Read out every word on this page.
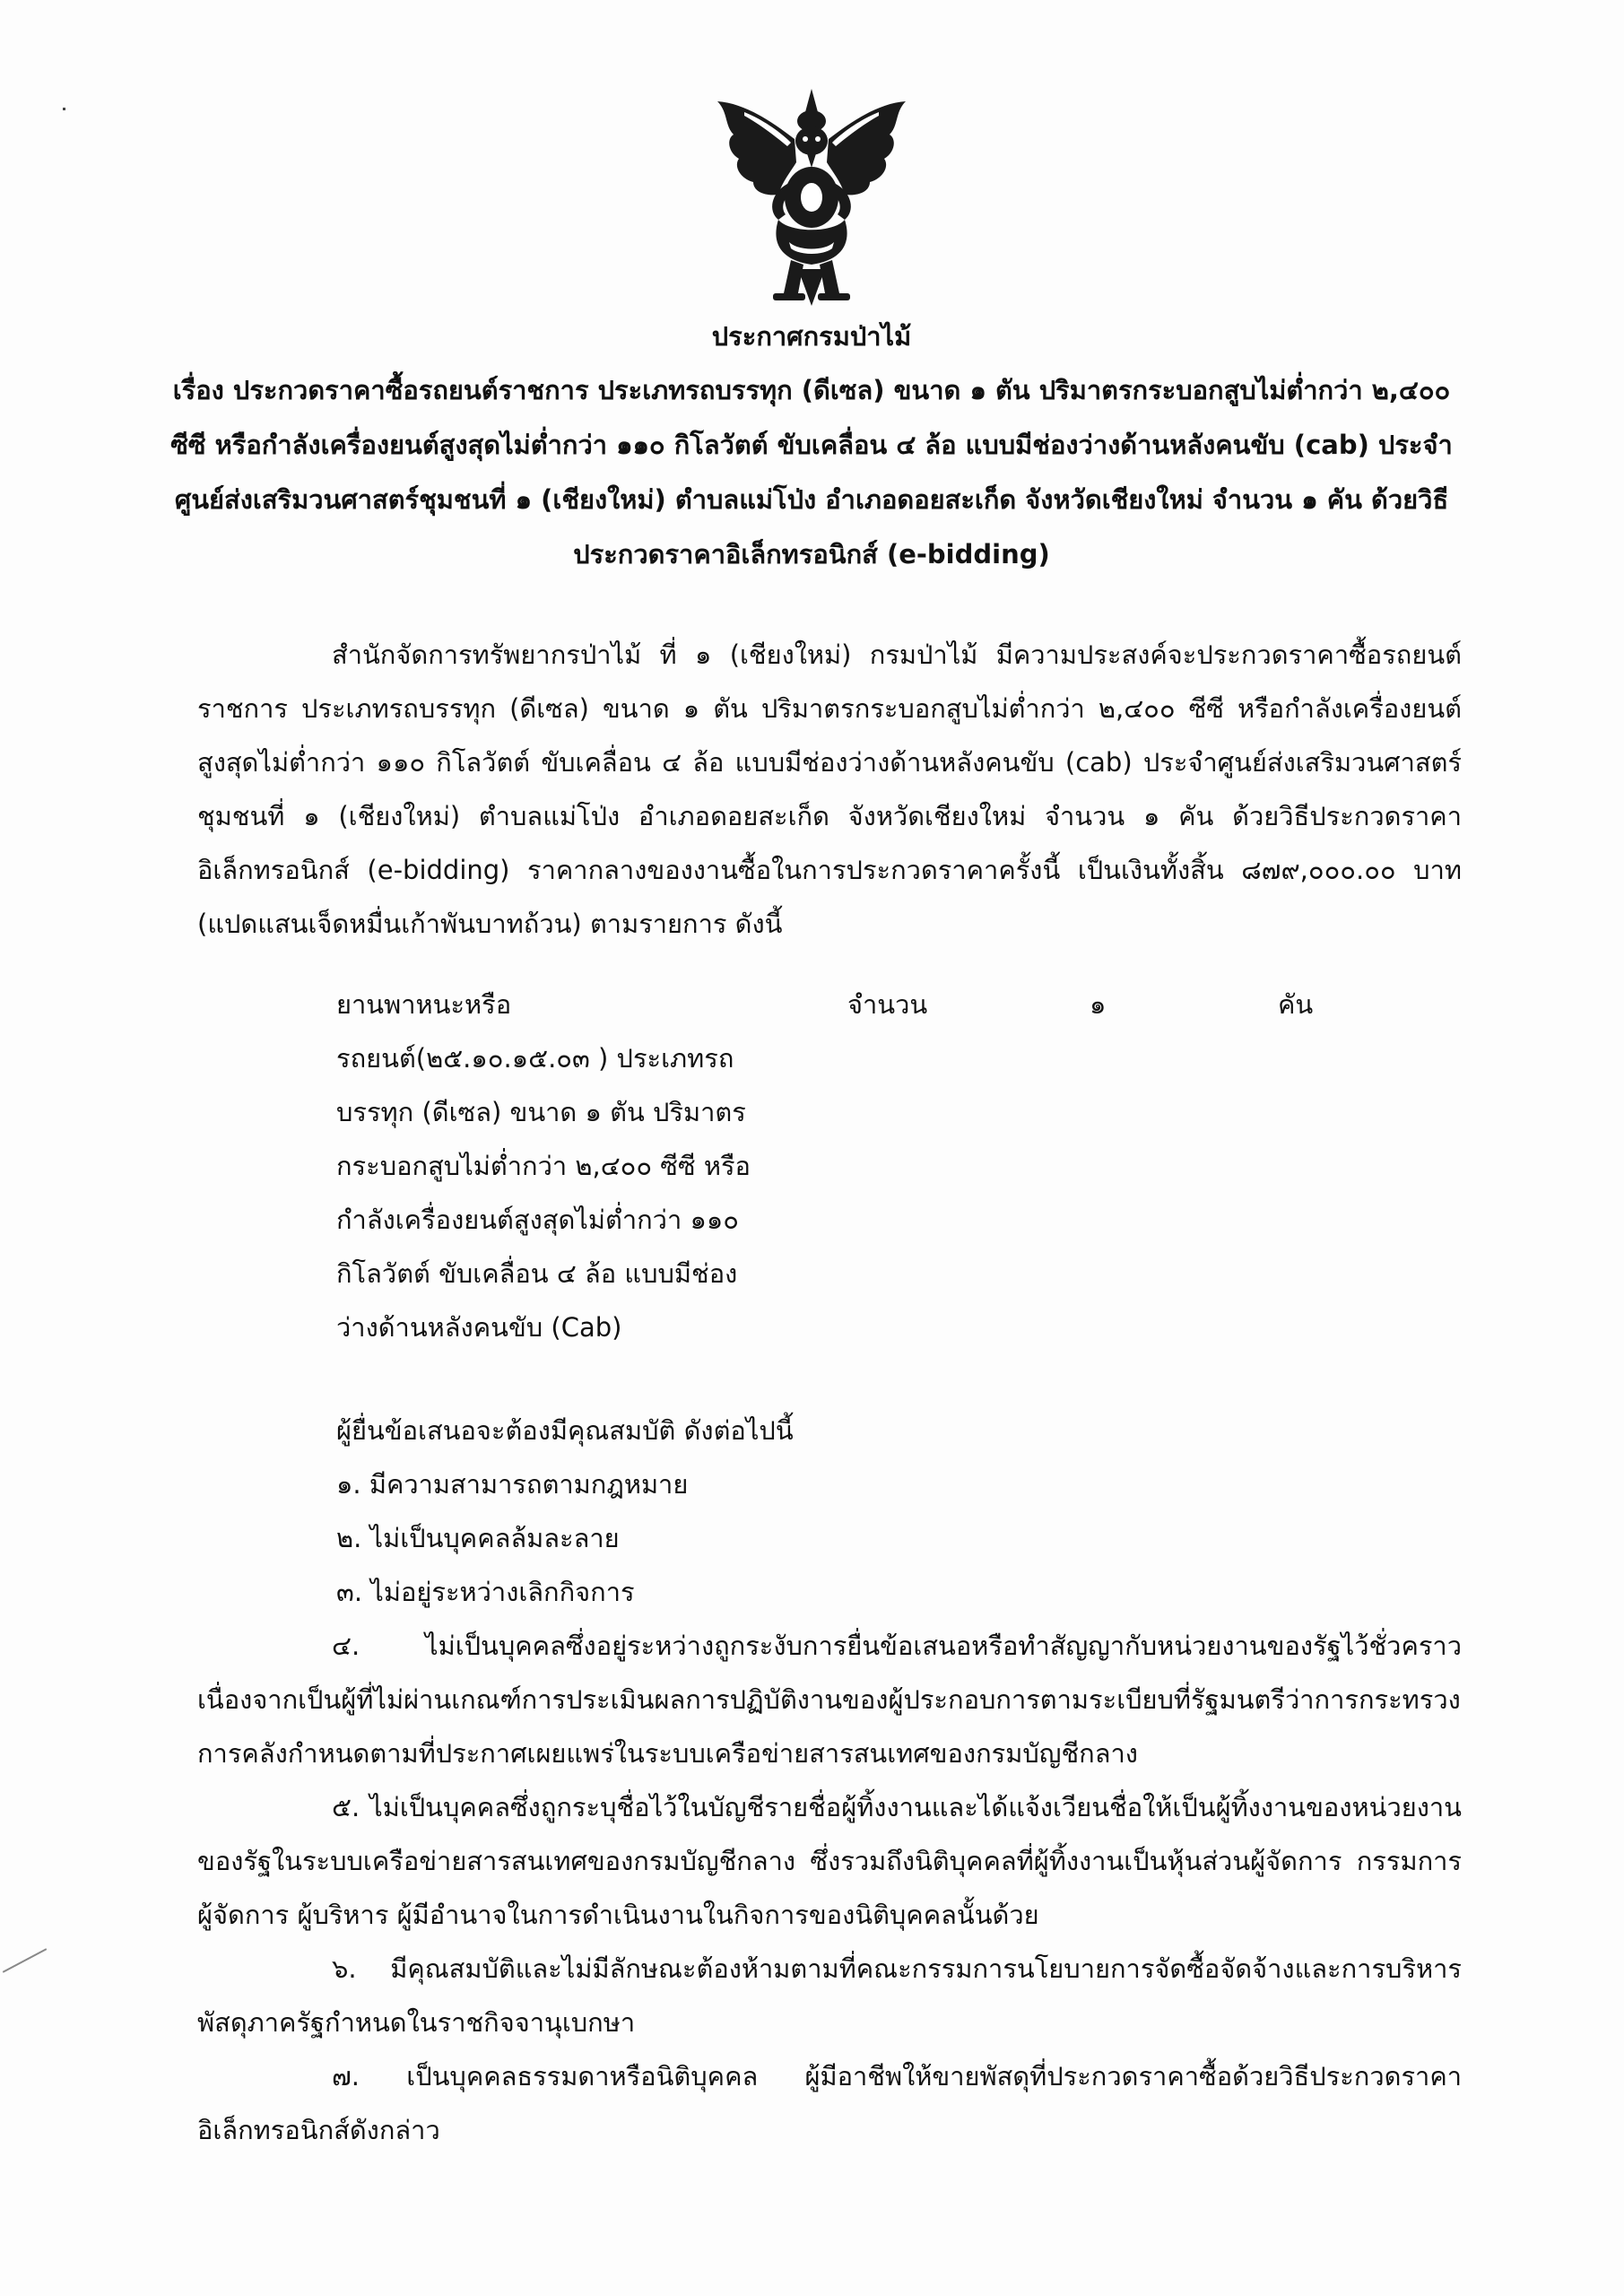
ประกาศกรมป่าไม้

เรื่อง ประกวดราคาซื้อรถยนต์ราชการ ประเภทรถบรรทุก (ดีเซล) ขนาด ๑ ตัน ปริมาตรกระบอกสูบไม่ต่ำกว่า ๒,๔๐๐ ซีซี หรือกำลังเครื่องยนต์สูงสุดไม่ต่ำกว่า ๑๑๐ กิโลวัตต์ ขับเคลื่อน ๔ ล้อ แบบมีช่องว่างด้านหลังคนขับ (cab) ประจำศูนย์ส่งเสริมวนศาสตร์ชุมชนที่ ๑ (เชียงใหม่) ตำบลแม่โป่ง อำเภอดอยสะเก็ด จังหวัดเชียงใหม่ จำนวน ๑ คัน ด้วยวิธีประกวดราคาอิเล็กทรอนิกส์ (e-bidding)

สำนักจัดการทรัพยากรป่าไม้ ที่ ๑ (เชียงใหม่) กรมป่าไม้ มีความประสงค์จะประกวดราคาซื้อรถยนต์ราชการ ประเภทรถบรรทุก (ดีเซล) ขนาด ๑ ตัน ปริมาตรกระบอกสูบไม่ต่ำกว่า ๒,๔๐๐ ซีซี หรือกำลังเครื่องยนต์สูงสุดไม่ต่ำกว่า ๑๑๐ กิโลวัตต์ ขับเคลื่อน ๔ ล้อ แบบมีช่องว่างด้านหลังคนขับ (cab) ประจำศูนย์ส่งเสริมวนศาสตร์ชุมชนที่ ๑ (เชียงใหม่) ตำบลแม่โป่ง อำเภอดอยสะเก็ด จังหวัดเชียงใหม่ จำนวน ๑ คัน ด้วยวิธีประกวดราคาอิเล็กทรอนิกส์ (e-bidding) ราคากลางของงานซื้อในการประกวดราคาครั้งนี้ เป็นเงินทั้งสิ้น ๘๗๙,๐๐๐.๐๐ บาท (แปดแสนเจ็ดหมื่นเก้าพันบาทถ้วน) ตามรายการ ดังนี้

ยานพาหนะหรือ

รถยนต์(๒๕.๑๐.๑๕.๐๓ ) ประเภทรถ

บรรทุก (ดีเซล) ขนาด ๑ ตัน ปริมาตร

กระบอกสูบไม่ต่ำกว่า ๒,๔๐๐ ซีซี หรือ

กำลังเครื่องยนต์สูงสุดไม่ต่ำกว่า ๑๑๐

กิโลวัตต์ ขับเคลื่อน ๔ ล้อ แบบมีช่อง

ว่างด้านหลังคนขับ (Cab)

จำนวน	๑	คัน

ผู้ยื่นข้อเสนอจะต้องมีคุณสมบัติ ดังต่อไปนี้

๑. มีความสามารถตามกฎหมาย

๒. ไม่เป็นบุคคลล้มละลาย

๓. ไม่อยู่ระหว่างเลิกกิจการ

๔. ไม่เป็นบุคคลซึ่งอยู่ระหว่างถูกระงับการยื่นข้อเสนอหรือทำสัญญากับหน่วยงานของรัฐไว้ชั่วคราว เนื่องจากเป็นผู้ที่ไม่ผ่านเกณฑ์การประเมินผลการปฏิบัติงานของผู้ประกอบการตามระเบียบที่รัฐมนตรีว่าการกระทรวงการคลังกำหนดตามที่ประกาศเผยแพร่ในระบบเครือข่ายสารสนเทศของกรมบัญชีกลาง

๕. ไม่เป็นบุคคลซึ่งถูกระบุชื่อไว้ในบัญชีรายชื่อผู้ทิ้งงานและได้แจ้งเวียนชื่อให้เป็นผู้ทิ้งงานของหน่วยงานของรัฐในระบบเครือข่ายสารสนเทศของกรมบัญชีกลาง ซึ่งรวมถึงนิติบุคคลที่ผู้ทิ้งงานเป็นหุ้นส่วนผู้จัดการ กรรมการผู้จัดการ ผู้บริหาร ผู้มีอำนาจในการดำเนินงานในกิจการของนิติบุคคลนั้นด้วย

๖. มีคุณสมบัติและไม่มีลักษณะต้องห้ามตามที่คณะกรรมการนโยบายการจัดซื้อจัดจ้างและการบริหารพัสดุภาครัฐกำหนดในราชกิจจานุเบกษา

๗. เป็นบุคคลธรรมดาหรือนิติบุคคล ผู้มีอาชีพให้ขายพัสดุที่ประกวดราคาซื้อด้วยวิธีประกวดราคาอิเล็กทรอนิกส์ดังกล่าว
